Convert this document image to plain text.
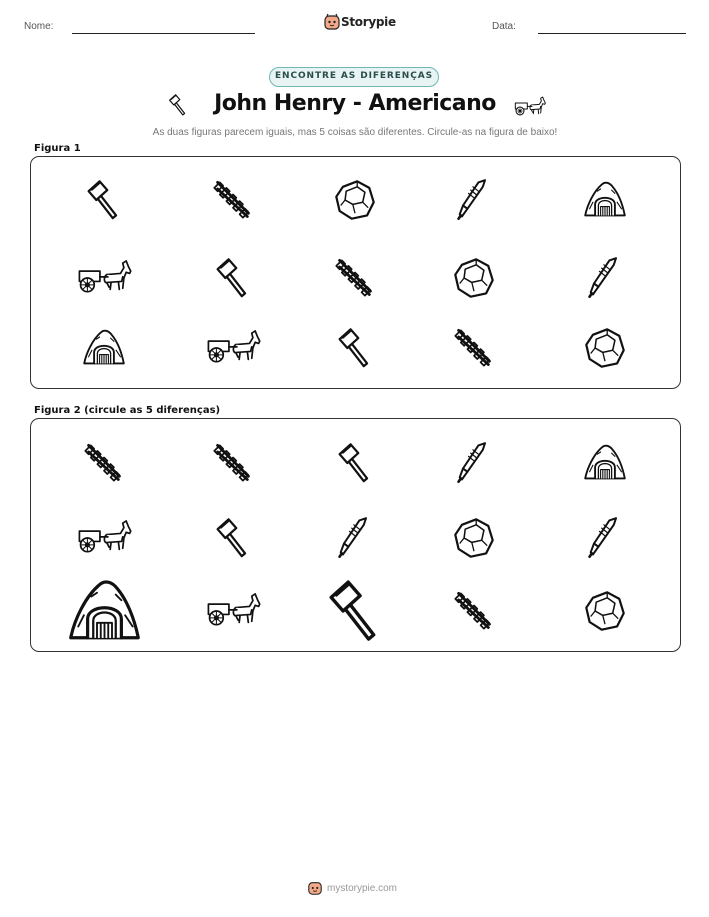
Nome:	Storypie	Data:
ENCONTRE AS DIFERENÇAS
John Henry - Americano
As duas figuras parecem iguais, mas 5 coisas são diferentes. Circule-as na figura de baixo!
Figura 1
Figura 2 (circule as 5 diferenças)
mystorypie.com
